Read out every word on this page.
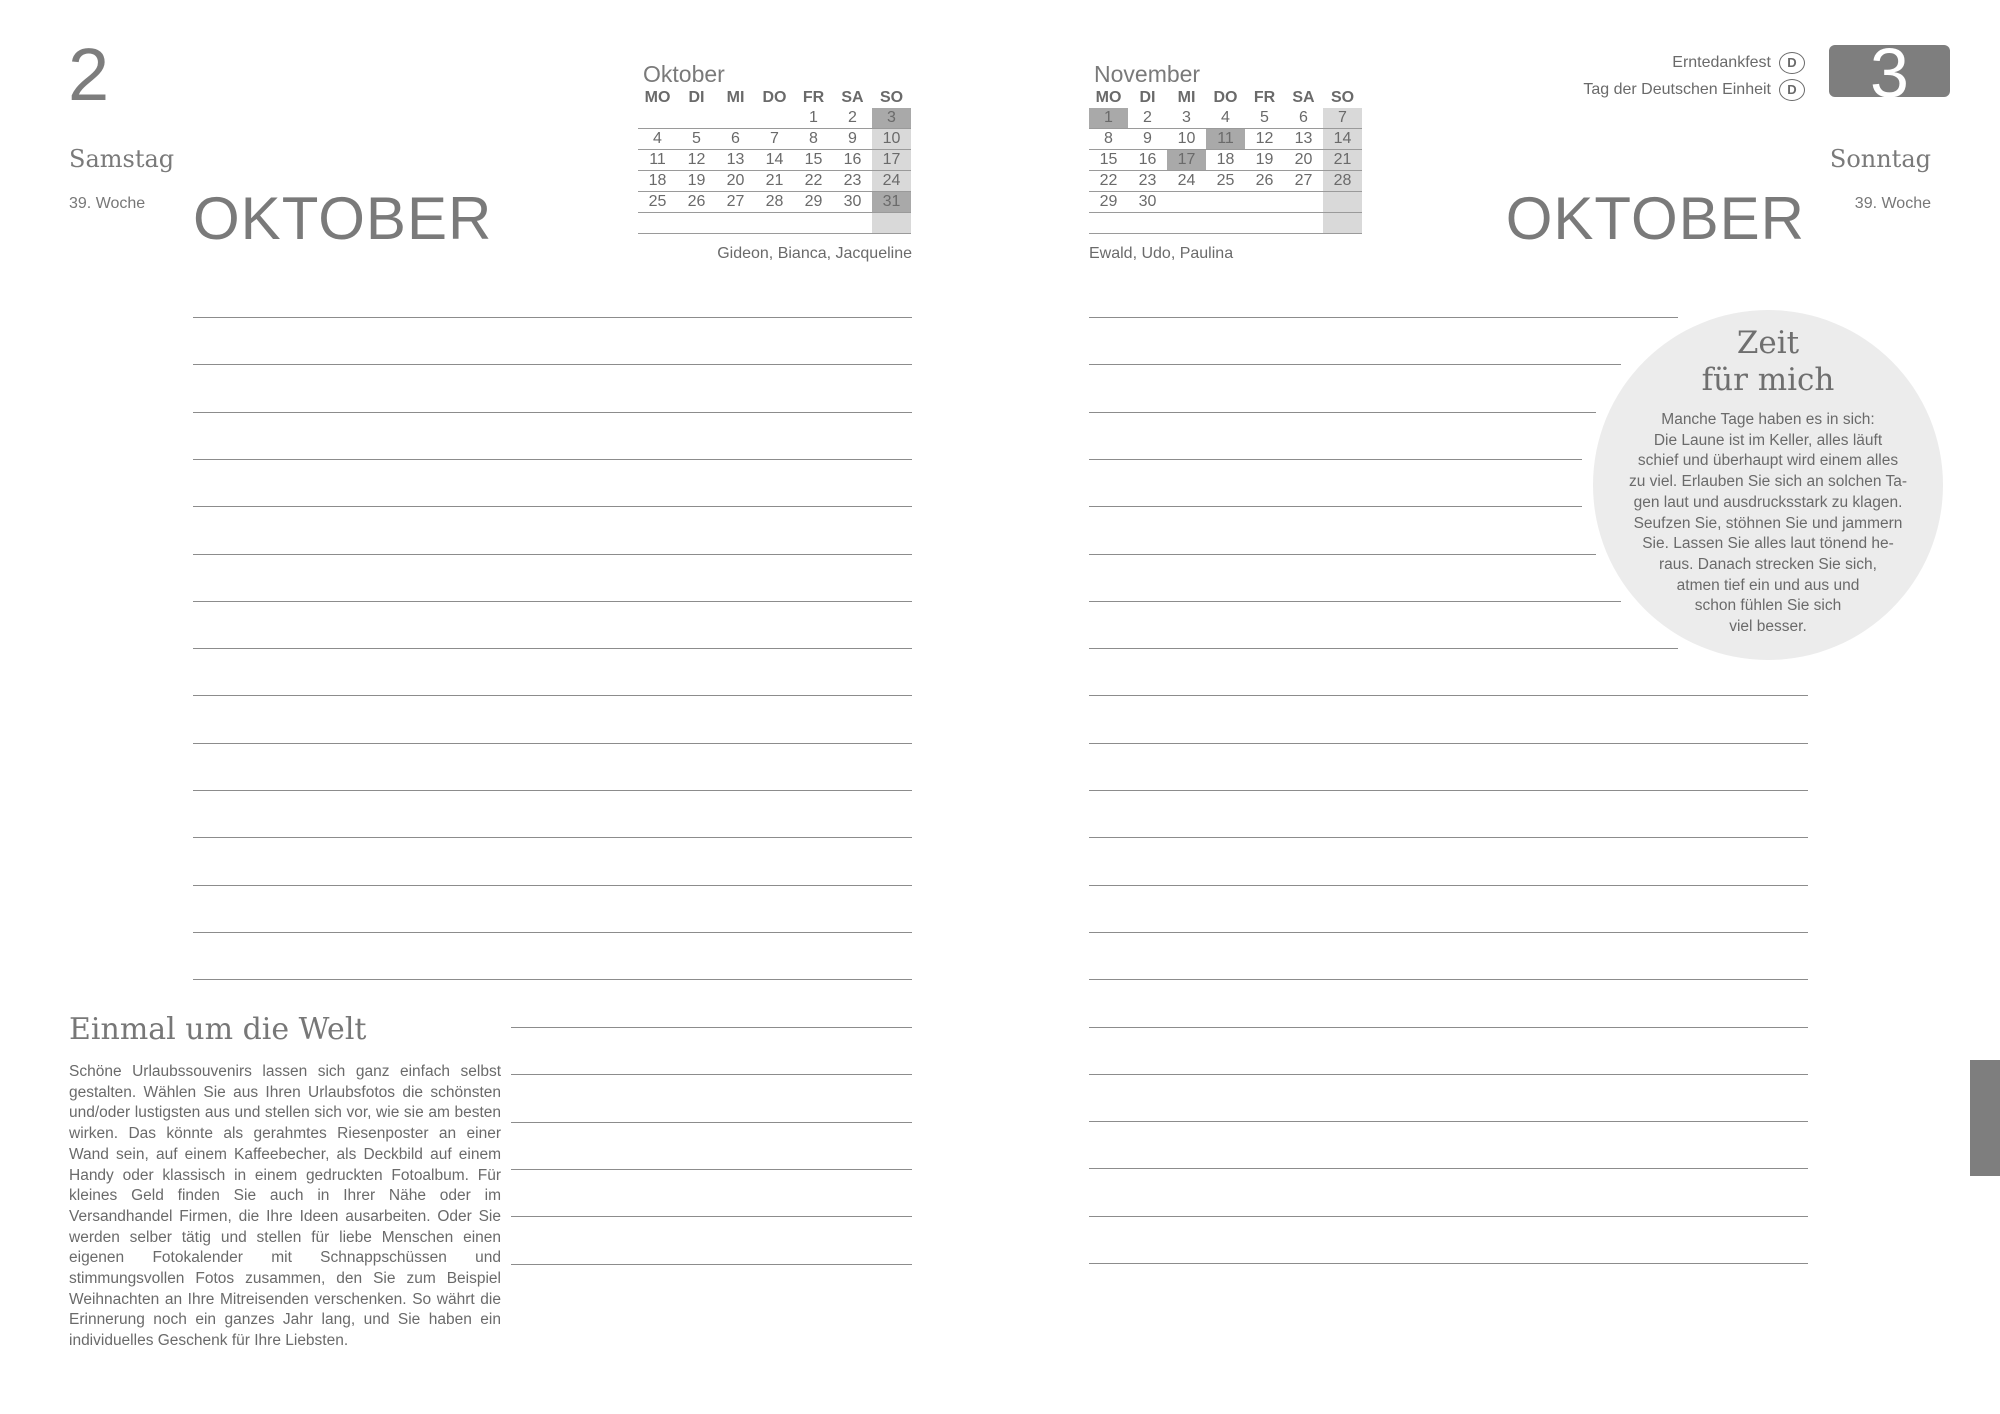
2
Samstag
39. Woche OKTOBER
Oktober
MO	DI	MI	DO	FR	SA	SO
				1	2	3
4	5	6	7	8	9	10
11	12	13	14	15	16	17
18	19	20	21	22	23	24
25	26	27	28	29	30	31

Gideon, Bianca, Jacqueline
Einmal um die Welt
Schöne Urlaubssouvenirs lassen sich ganz einfach selbst gestalten. Wählen Sie aus Ihren Urlaubsfotos die schönsten und/oder lustigsten aus und stellen sich vor, wie sie am besten wirken. Das könnte als gerahmtes Riesenposter an einer Wand sein, auf einem Kaffeebecher, als Deckbild auf einem Handy oder klassisch in einem gedruckten Fotoalbum. Für kleines Geld finden Sie auch in Ihrer Nähe oder im Versandhandel Firmen, die Ihre Ideen ausarbeiten. Oder Sie werden selber tätig und stellen für liebe Menschen einen eigenen Fotokalender mit Schnappschüssen und stimmungsvollen Fotos zusammen, den Sie zum Beispiel Weihnachten an Ihre Mitreisenden verschenken. So währt die Erinnerung noch ein ganzes Jahr lang, und Sie haben ein individuelles Geschenk für Ihre Liebsten.
3
Erntedankfest D
Tag der Deutschen Einheit D
Sonntag
39. Woche
OKTOBER
November
MO	DI	MI	DO	FR	SA	SO
1	2	3	4	5	6	7
8	9	10	11	12	13	14
15	16	17	18	19	20	21
22	23	24	25	26	27	28
29	30					

Ewald, Udo, Paulina
Zeit
für mich
Manche Tage haben es in sich:
Die Laune ist im Keller, alles läuft
schief und überhaupt wird einem alles
zu viel. Erlauben Sie sich an solchen Ta-
gen laut und ausdrucksstark zu klagen.
Seufzen Sie, stöhnen Sie und jammern
Sie. Lassen Sie alles laut tönend he-
raus. Danach strecken Sie sich,
atmen tief ein und aus und
schon fühlen Sie sich
viel besser.
